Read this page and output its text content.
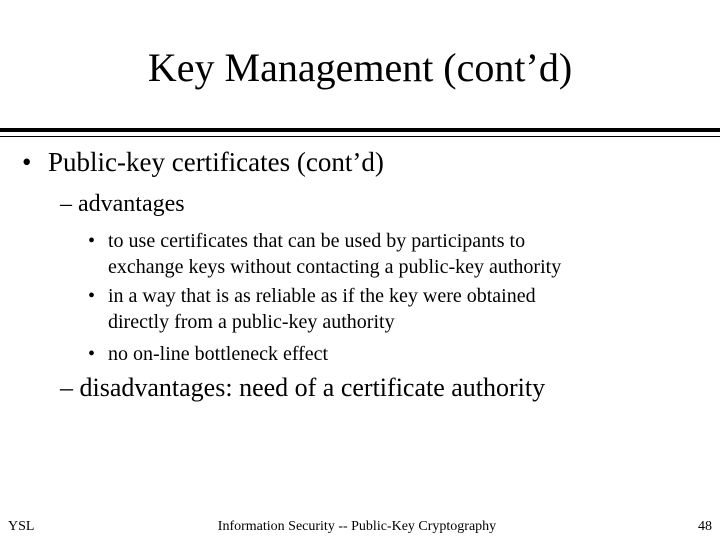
Key Management (cont’d)
• Public-key certificates (cont’d)
– advantages
• to use certificates that can be used by participants to
exchange keys without contacting a public-key authority
• in a way that is as reliable as if the key were obtained
directly from a public-key authority
• no on-line bottleneck effect
– disadvantages: need of a certificate authority
YSL	Information Security -- Public-Key Cryptography	48
